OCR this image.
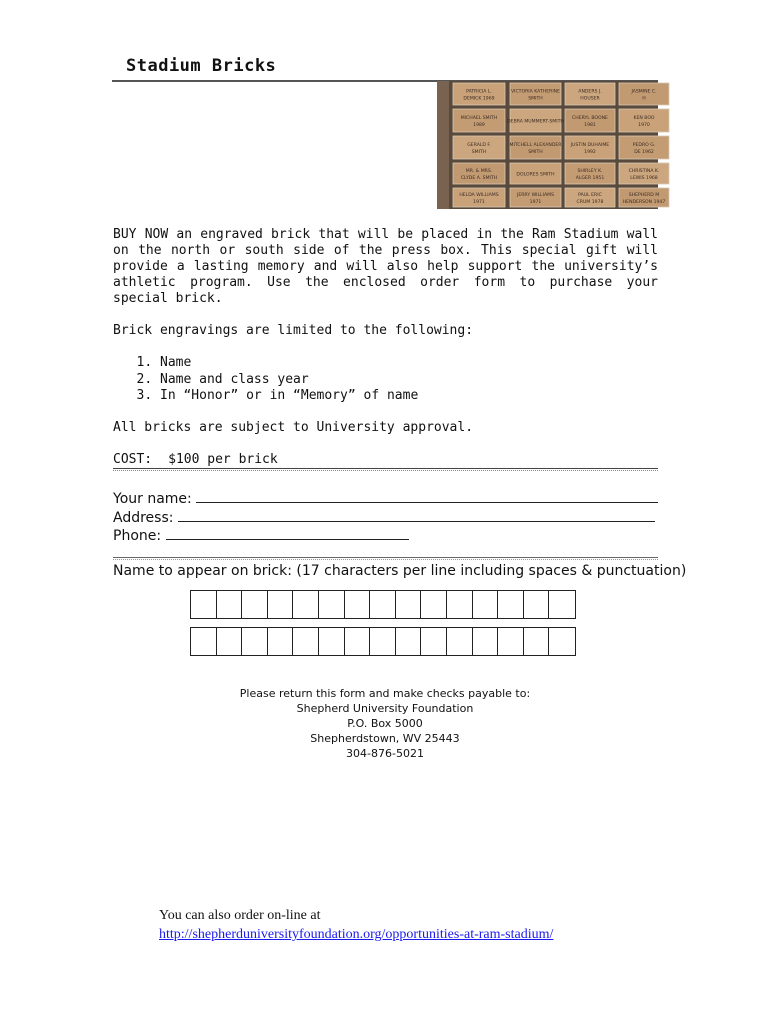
Stadium Bricks
PATRICIA L.
DEMICK 1969
VICTORIA KATHERINE
SMITH
ANDERS J.
HOUSER
JASMINE C.
H
MICHAEL SMITH
1989
DEBRA MUMMERT-SMITH
CHERYL BOONE
1981
KEN BOO
1970
GERALD F.
SMITH
MITCHELL ALEXANDER
SMITH
JUSTIN DUHAIME
1992
PEDRO G.
DE 1962
MR. & MRS.
CLYDE A. SMITH
DOLORES SMITH
SHIRLEY K.
ALGER 1951
CHRISTINA K.
LEWIS 1968
HELDA WILLIAMS
1971
JERRY WILLIAMS
1971
PAUL ERIC
CRUM 1978
SHEPHERD M
HENDERSON 1947
BUY NOW an engraved brick that will be placed in the Ram Stadium wall on the north or south side of the press box. This special gift will provide a lasting memory and will also help support the university’s athletic program. Use the enclosed order form to purchase your special brick.
Brick engravings are limited to the following:
1. Name
2. Name and class year
3. In “Honor” or in “Memory” of name
All bricks are subject to University approval.
COST: $100 per brick
Your name:
Address:
Phone:
Name to appear on brick: (17 characters per line including spaces & punctuation)
Please return this form and make checks payable to:
Shepherd University Foundation
P.O. Box 5000
Shepherdstown, WV 25443
304-876-5021
You can also order on-line at
http://shepherduniversityfoundation.org/opportunities-at-ram-stadium/
